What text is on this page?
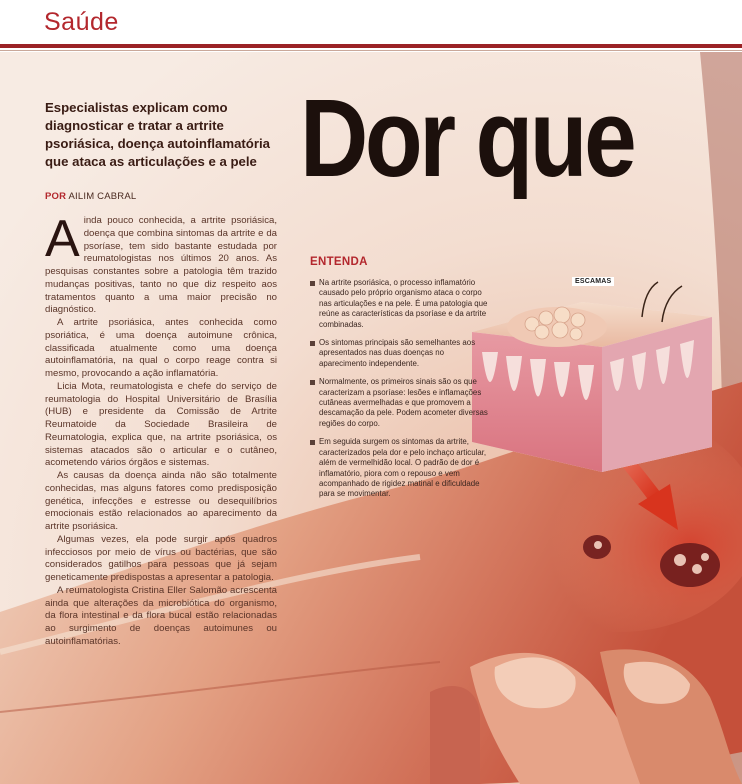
Saúde
Especialistas explicam como diagnosticar e tratar a artrite psoriásica, doença autoinflamatória que ataca as articulações e a pele
POR AILIM CABRAL Dor que

Ainda pouco conhecida, a artrite psoriásica, doença que combina sintomas da artrite e da psoríase, tem sido bastante estudada por reumatologistas nos últimos 20 anos. As pesquisas constantes sobre a patologia têm trazido mudanças positivas, tanto no que diz respeito aos tratamentos quanto a uma maior precisão no diagnóstico.

A artrite psoriásica, antes conhecida como psoriática, é uma doença autoimune crônica, classificada atualmente como uma doença autoinflamatória, na qual o corpo reage contra si mesmo, provocando a ação inflamatória.

Licia Mota, reumatologista e chefe do serviço de reumatologia do Hospital Universitário de Brasília (HUB) e presidente da Comissão de Artrite Reumatoide da Sociedade Brasileira de Reumatologia, explica que, na artrite psoriásica, os sistemas atacados são o articular e o cutâneo, acometendo vários órgãos e sistemas.

As causas da doença ainda não são totalmente conhecidas, mas alguns fatores como predisposição genética, infecções e estresse ou desequilíbrios emocionais estão relacionados ao aparecimento da artrite psoriásica.

Algumas vezes, ela pode surgir após quadros infecciosos por meio de vírus ou bactérias, que são considerados gatilhos para pessoas que já sejam geneticamente predispostas a apresentar a patologia.

A reumatologista Cristina Eller Salomão acrescenta ainda que alterações da microbiótica do organismo, da flora intestinal e da flora bucal estão relacionadas ao surgimento de doenças autoimunes ou autoinflamatórias.

ENTENDA
Na artrite psoriásica, o processo inflamatório causado pelo próprio organismo ataca o corpo nas articulações e na pele. É uma patologia que reúne as características da psoríase e da artrite combinadas.
Os sintomas principais são semelhantes aos apresentados nas duas doenças no aparecimento independente.
Normalmente, os primeiros sinais são os que caracterizam a psoríase: lesões e inflamações cutâneas avermelhadas e que promovem a descamação da pele. Podem acometer diversas regiões do corpo.
Em seguida surgem os sintomas da artrite, caracterizados pela dor e pelo inchaço articular, além de vermelhidão local. O padrão de dor é inflamatório, piora com o repouso e vem acompanhado de rigidez matinal e dificuldade para se movimentar.
ESCAMAS
